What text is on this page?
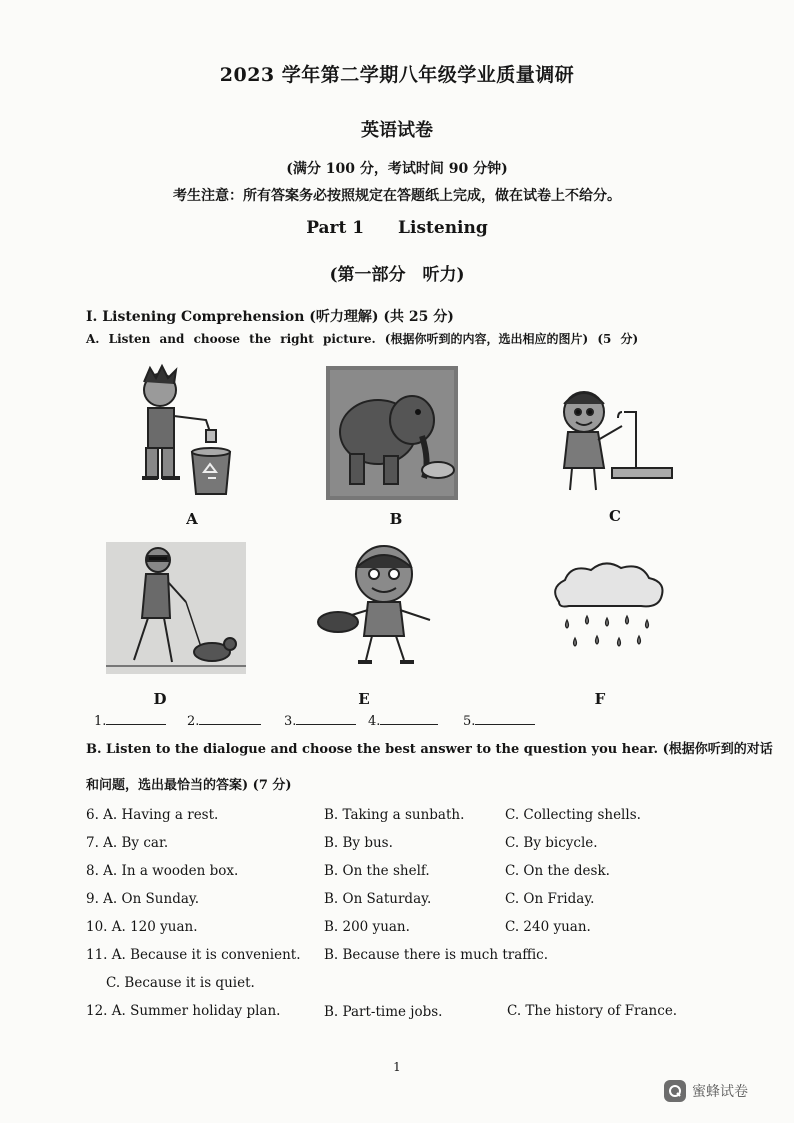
2023 学年第二学期八年级学业质量调研
英语试卷
(满分 100 分，考试时间 90 分钟)
考生注意：所有答案务必按照规定在答题纸上完成，做在试卷上不给分。
Part 1 Listening
(第一部分　听力)
I. Listening Comprehension (听力理解) (共 25 分)
A. Listen and choose the right picture. (根据你听到的内容，选出相应的图片) (5 分)
A	B	C
D	E	F
1.	2.	3.	4.	5.
B. Listen to the dialogue and choose the best answer to the question you hear. (根据你听到的对话
和问题，选出最恰当的答案) (7 分)
6. A. Having a rest.	B. Taking a sunbath.	C. Collecting shells.
7. A. By car.	B. By bus.	C. By bicycle.
8. A. In a wooden box.	B. On the shelf.	C. On the desk.
9. A. On Sunday.	B. On Saturday.	C. On Friday.
10. A. 120 yuan.	B. 200 yuan.	C. 240 yuan.
11. A. Because it is convenient. B. Because there is much traffic.
C. Because it is quiet.
12. A. Summer holiday plan.	B. Part-time jobs.	C. The history of France.
1
蜜蜂试卷
